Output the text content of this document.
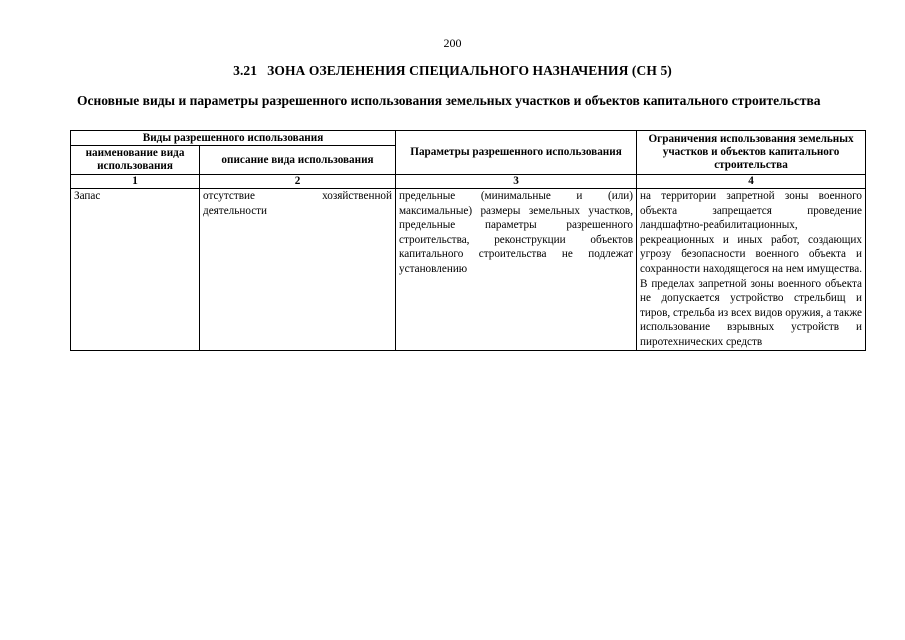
200
3.21 ЗОНА ОЗЕЛЕНЕНИЯ СПЕЦИАЛЬНОГО НАЗНАЧЕНИЯ (СН 5)
Основные виды и параметры разрешенного использования земельных участков и объектов капитального строительства
Виды разрешенного использования		Параметры разрешенного использования	Ограничения использования земельных участков и объектов капитального строительства
наименование вида использования	описание вида использования		
1	2	3	4
Запас	отсутствие хозяйственной деятельности	предельные (минимальные и (или) максимальные) размеры земельных участков, предельные параметры разрешенного строительства, реконструкции объектов капитального строительства не подлежат установлению	на территории запретной зоны военного объекта запрещается проведение ландшафтно-реабилитационных, рекреационных и иных работ, создающих угрозу безопасности военного объекта и сохранности находящегося на нем имущества. В пределах запретной зоны военного объекта не допускается устройство стрельбищ и тиров, стрельба из всех видов оружия, а также использование взрывных устройств и пиротехнических средств
